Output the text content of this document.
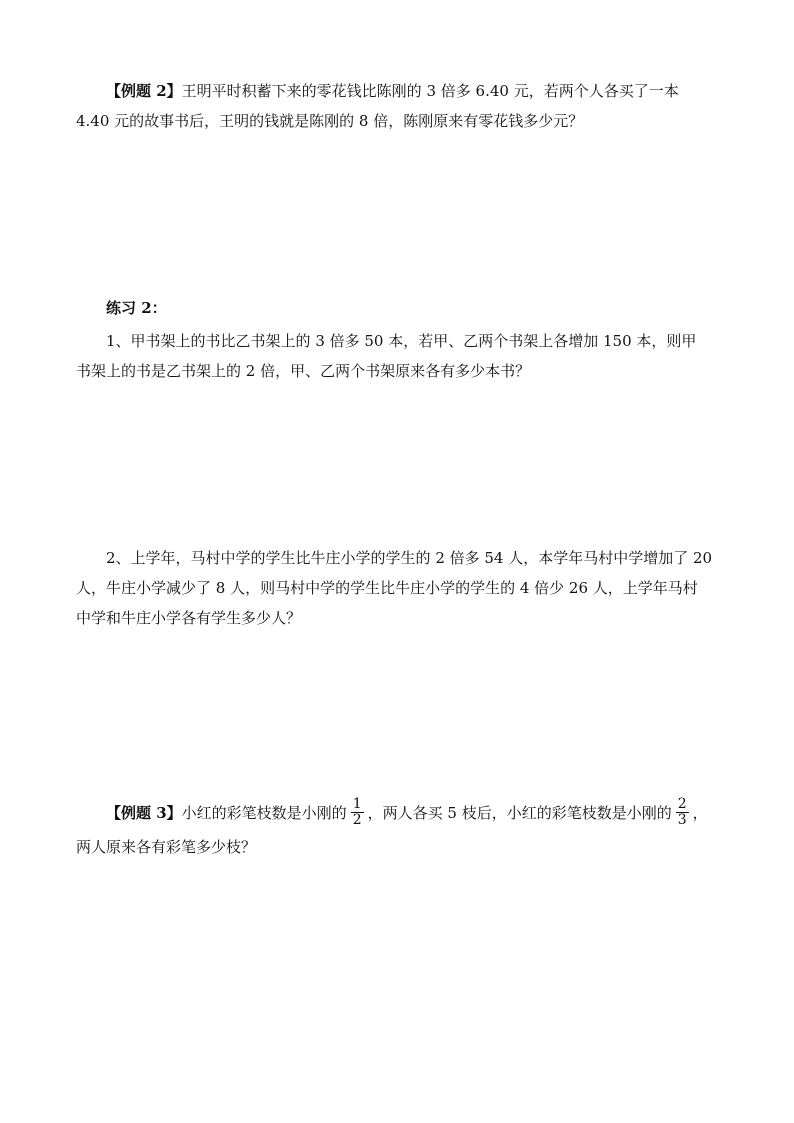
【例题 2】王明平时积蓄下来的零花钱比陈刚的 3 倍多 6.40 元，若两个人各买了一本
4.40 元的故事书后，王明的钱就是陈刚的 8 倍，陈刚原来有零花钱多少元？
练习 2：
1、甲书架上的书比乙书架上的 3 倍多 50 本，若甲、乙两个书架上各增加 150 本，则甲
书架上的书是乙书架上的 2 倍，甲、乙两个书架原来各有多少本书？
2、上学年，马村中学的学生比牛庄小学的学生的 2 倍多 54 人，本学年马村中学增加了 20
人，牛庄小学减少了 8 人，则马村中学的学生比牛庄小学的学生的 4 倍少 26 人，上学年马村
中学和牛庄小学各有学生多少人？
【例题 3】小红的彩笔枝数是小刚的 $\frac{1}{2}$ ，两人各买 5 枝后，小红的彩笔枝数是小刚的 $\frac{2}{3}$ ，
两人原来各有彩笔多少枝？
